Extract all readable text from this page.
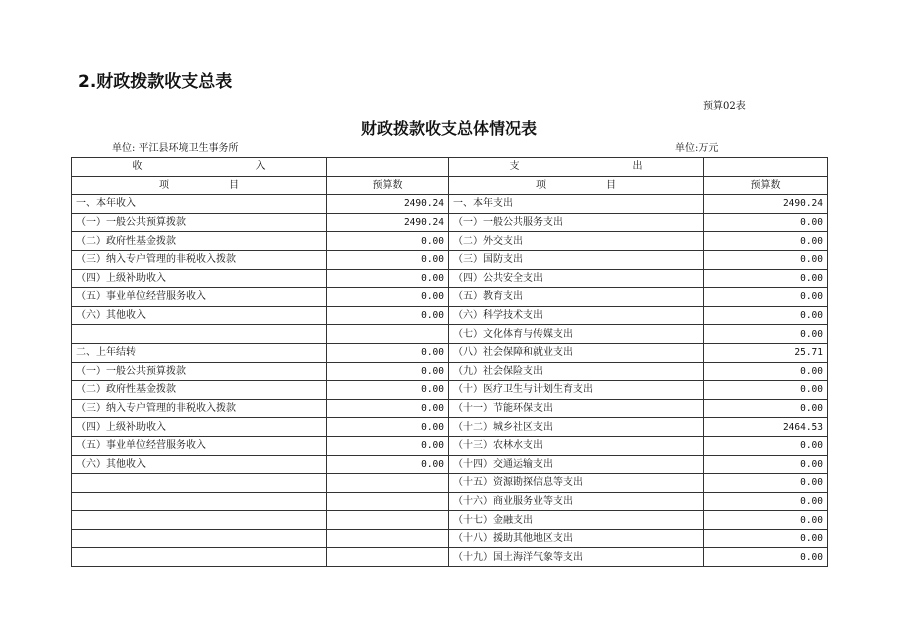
2.财政拨款收支总表
预算02表
财政拨款收支总体情况表
单位: 平江县环境卫生事务所	单位:万元
收 入		支 出	

项 目	预算数	项 目	预算数
一、本年收入	2490.24	一、本年支出	2490.24
（一）一般公共预算拨款	2490.24	（一）一般公共服务支出	0.00
（二）政府性基金拨款	0.00	（二）外交支出	0.00
（三）纳入专户管理的非税收入拨款	0.00	（三）国防支出	0.00
（四）上级补助收入	0.00	（四）公共安全支出	0.00
（五）事业单位经营服务收入	0.00	（五）教育支出	0.00
（六）其他收入	0.00	（六）科学技术支出	0.00
		（七）文化体育与传媒支出	0.00
二、上年结转	0.00	（八）社会保障和就业支出	25.71
（一）一般公共预算拨款	0.00	（九）社会保险支出	0.00
（二）政府性基金拨款	0.00	（十）医疗卫生与计划生育支出	0.00
（三）纳入专户管理的非税收入拨款	0.00	（十一）节能环保支出	0.00
（四）上级补助收入	0.00	（十二）城乡社区支出	2464.53
（五）事业单位经营服务收入	0.00	（十三）农林水支出	0.00
（六）其他收入	0.00	（十四）交通运输支出	0.00
		（十五）资源勘探信息等支出	0.00
		（十六）商业服务业等支出	0.00
		（十七）金融支出	0.00
		（十八）援助其他地区支出	0.00
		（十九）国土海洋气象等支出	0.00
